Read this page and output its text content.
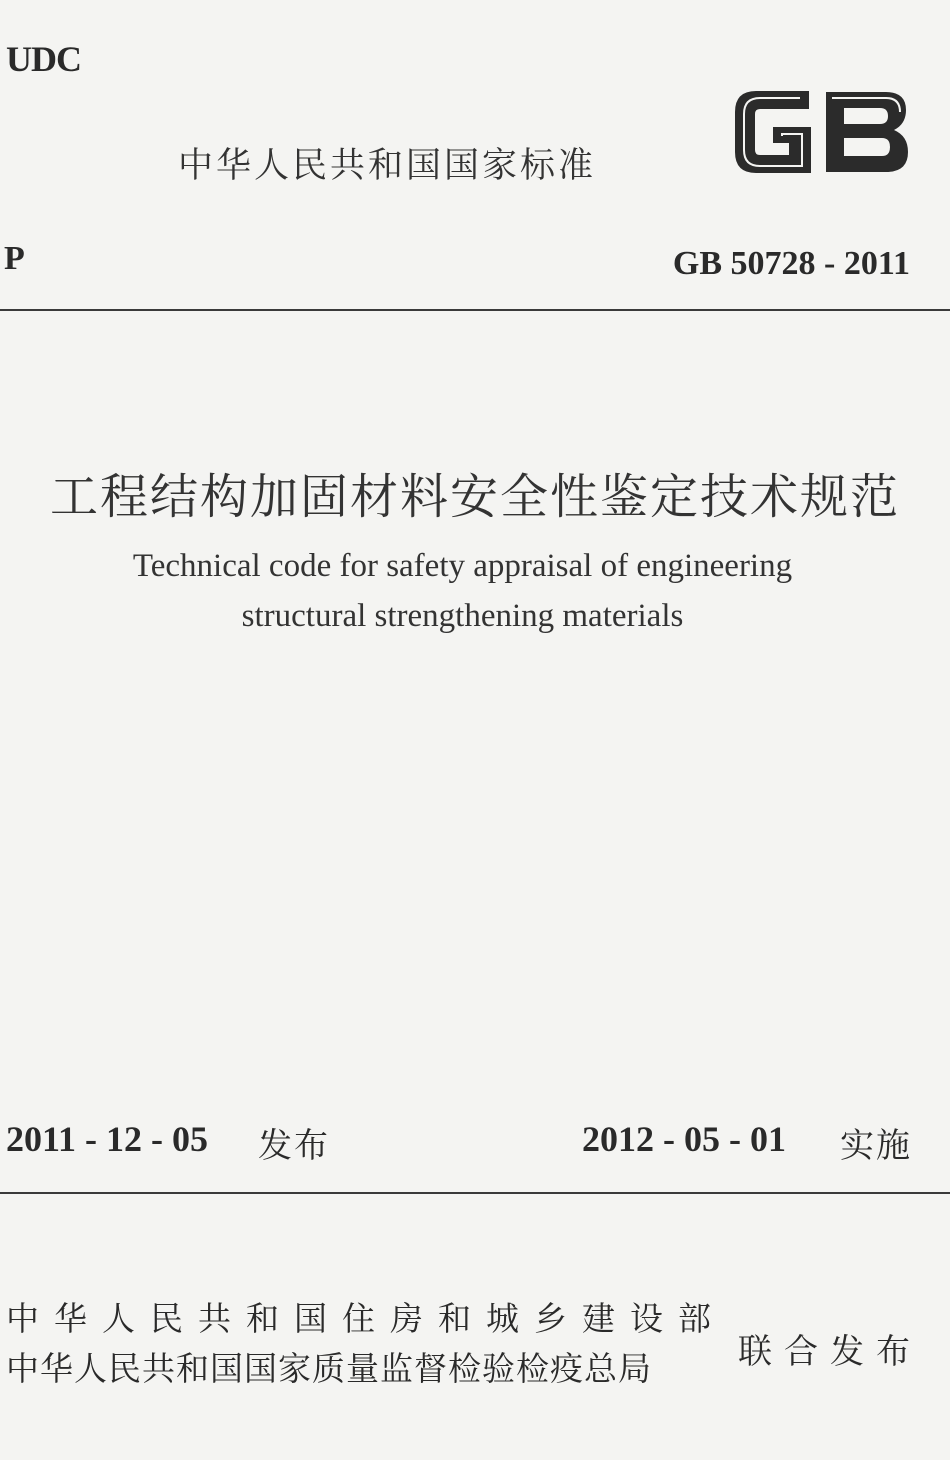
UDC
中华人民共和国国家标准
P	GB 50728 - 2011
工程结构加固材料安全性鉴定技术规范
Technical code for safety appraisal of engineering
structural strengthening materials
2011 - 12 - 05 发布	2012 - 05 - 01 实施
中华人民共和国住房和城乡建设部
中华人民共和国国家质量监督检验检疫总局	联合发布
